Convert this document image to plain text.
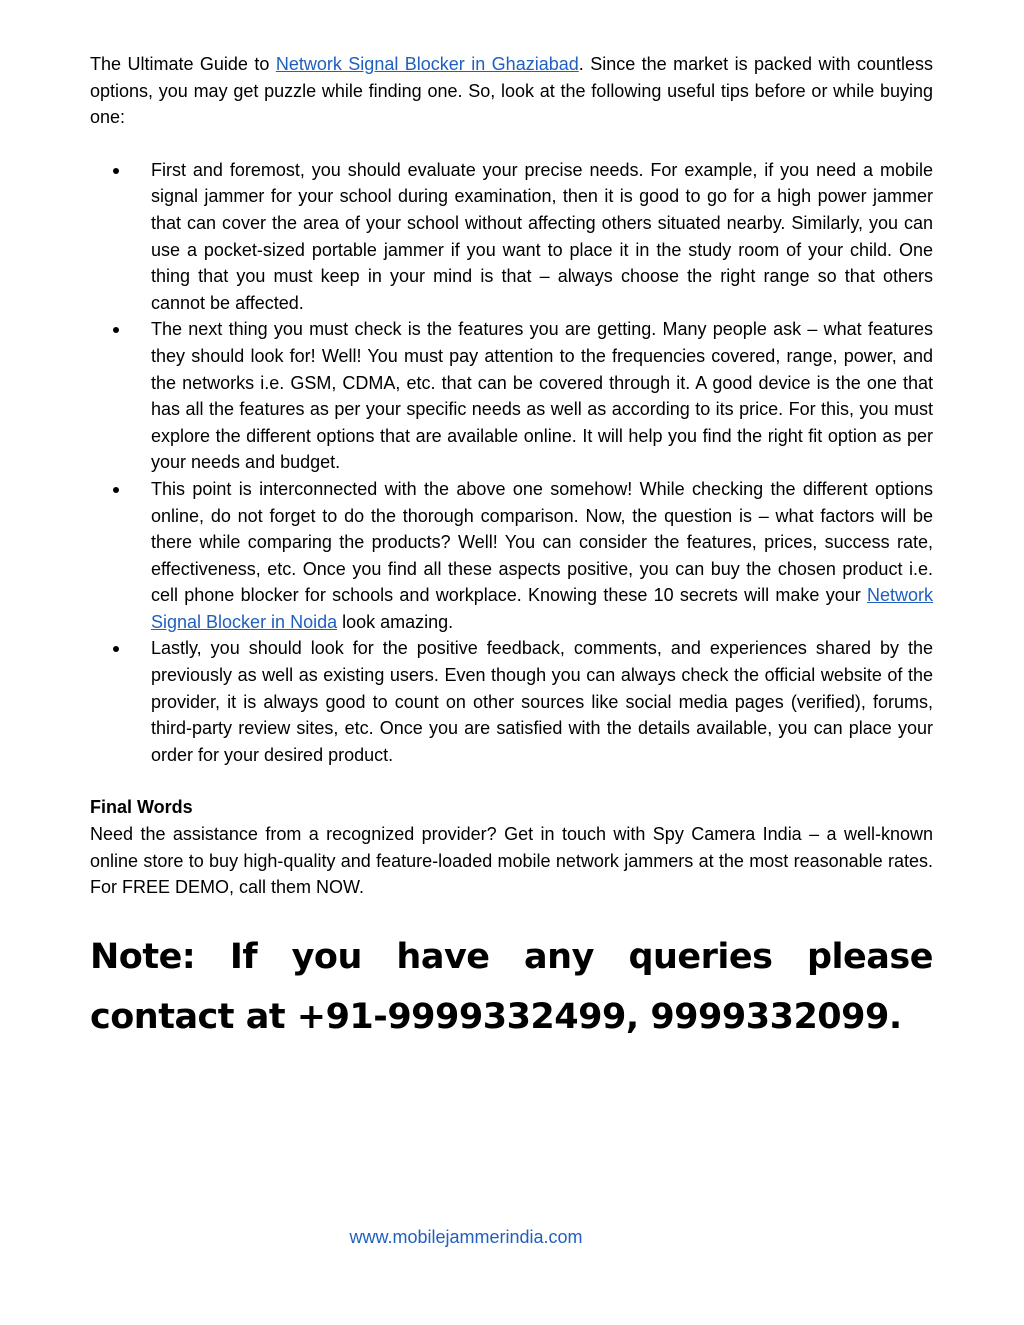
The Ultimate Guide to Network Signal Blocker in Ghaziabad. Since the market is packed with countless options, you may get puzzle while finding one. So, look at the following useful tips before or while buying one:

First and foremost, you should evaluate your precise needs. For example, if you need a mobile signal jammer for your school during examination, then it is good to go for a high power jammer that can cover the area of your school without affecting others situated nearby. Similarly, you can use a pocket-sized portable jammer if you want to place it in the study room of your child. One thing that you must keep in your mind is that – always choose the right range so that others cannot be affected.
The next thing you must check is the features you are getting. Many people ask – what features they should look for! Well! You must pay attention to the frequencies covered, range, power, and the networks i.e. GSM, CDMA, etc. that can be covered through it. A good device is the one that has all the features as per your specific needs as well as according to its price. For this, you must explore the different options that are available online. It will help you find the right fit option as per your needs and budget.
This point is interconnected with the above one somehow! While checking the different options online, do not forget to do the thorough comparison. Now, the question is – what factors will be there while comparing the products? Well! You can consider the features, prices, success rate, effectiveness, etc. Once you find all these aspects positive, you can buy the chosen product i.e. cell phone blocker for schools and workplace. Knowing these 10 secrets will make your Network Signal Blocker in Noida look amazing.
Lastly, you should look for the positive feedback, comments, and experiences shared by the previously as well as existing users. Even though you can always check the official website of the provider, it is always good to count on other sources like social media pages (verified), forums, third-party review sites, etc. Once you are satisfied with the details available, you can place your order for your desired product.
Final Words

Need the assistance from a recognized provider? Get in touch with Spy Camera India – a well-known online store to buy high-quality and feature-loaded mobile network jammers at the most reasonable rates. For FREE DEMO, call them NOW.

Note: If you have any queries please contact at +91-9999332499, 9999332099.

www.mobilejammerindia.com
